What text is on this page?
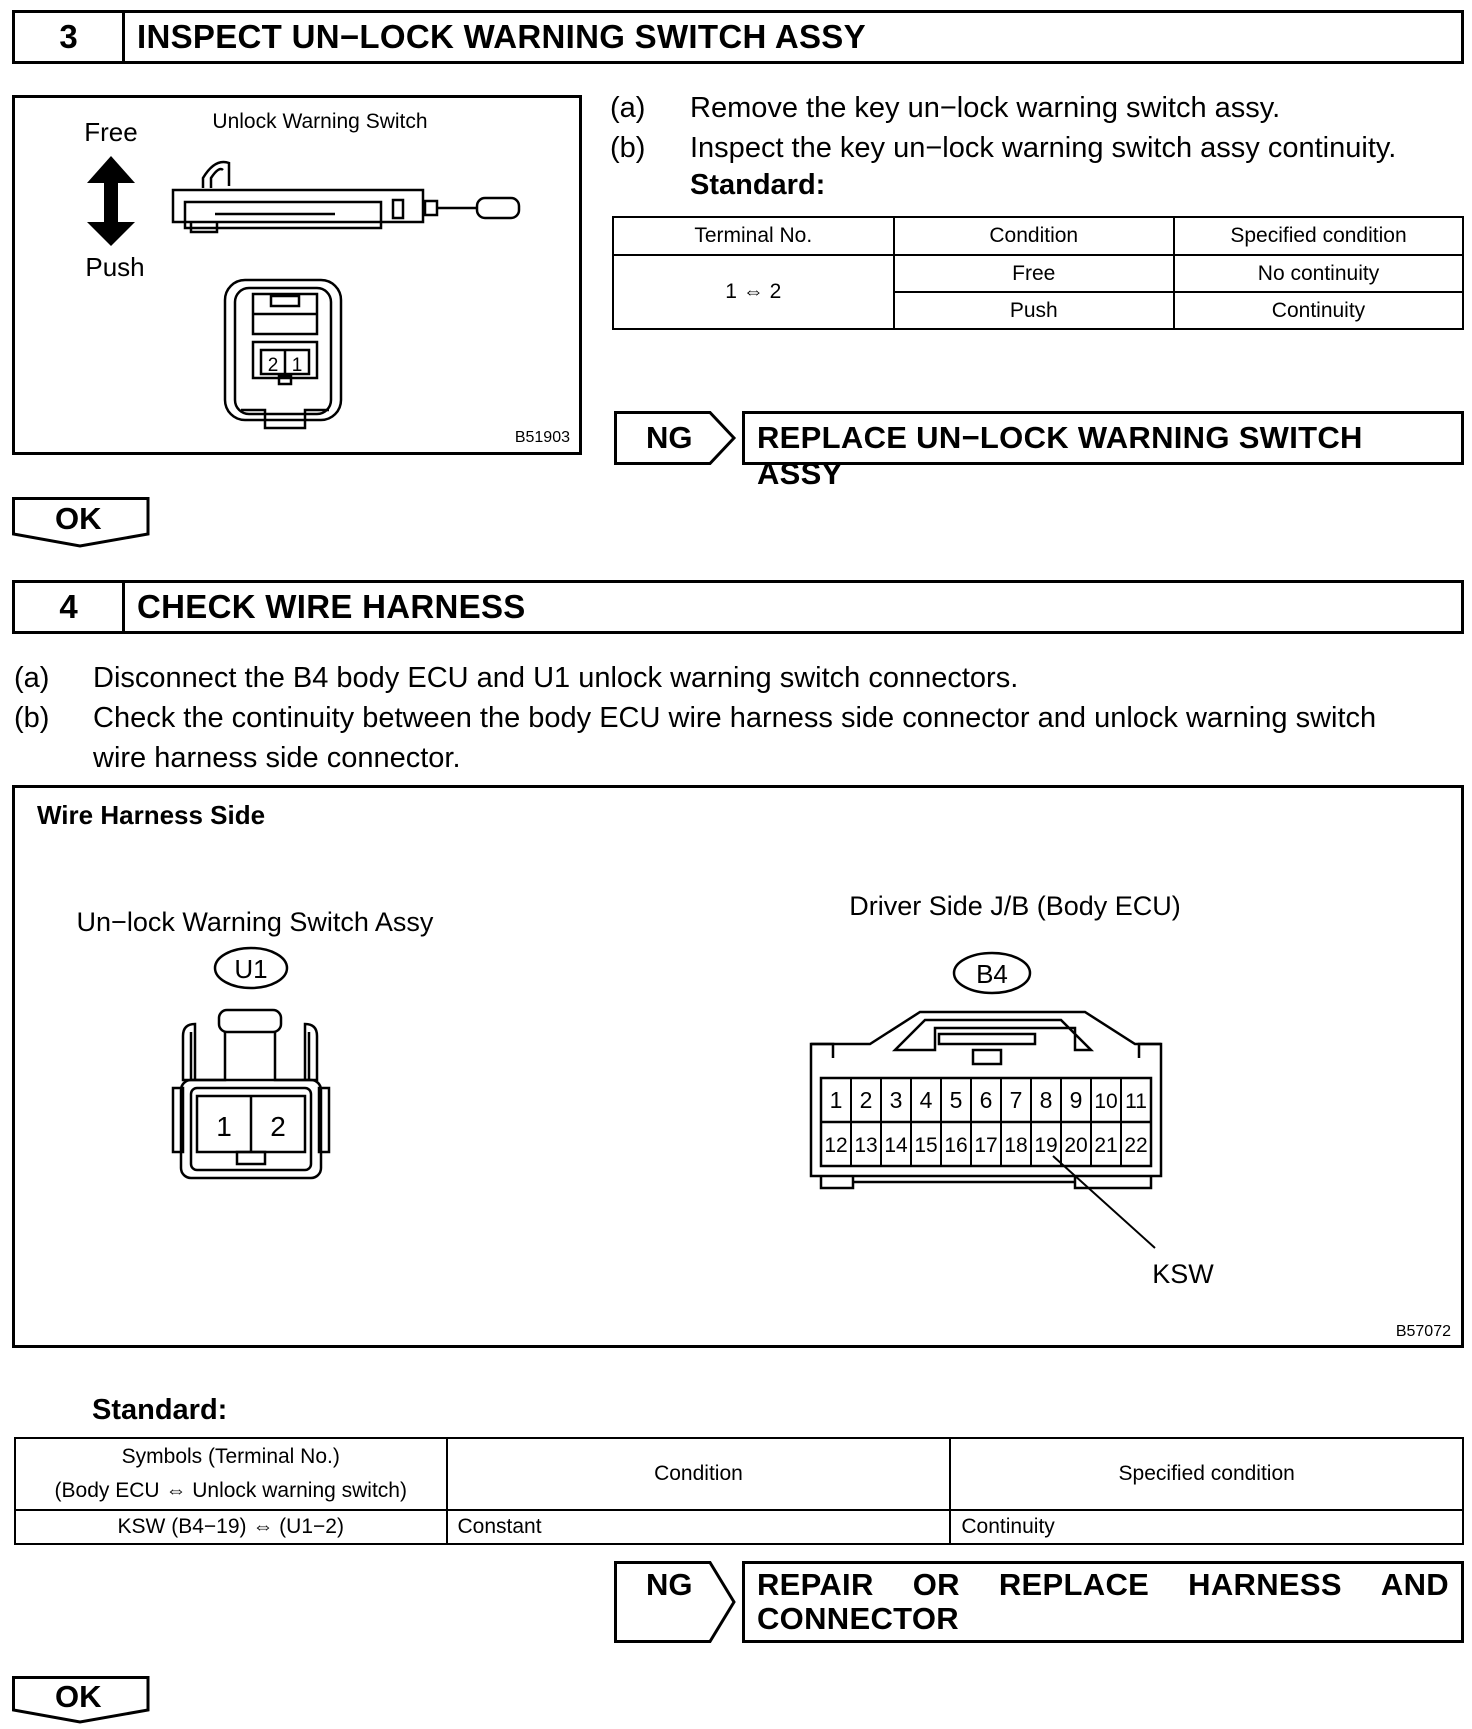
3	INSPECT UN−LOCK WARNING SWITCH ASSY
Unlock Warning Switch
Free
Push
2 1
B51903
(a) Remove the key un−lock warning switch assy.
(b) Inspect the key un−lock warning switch assy continuity.
Standard:
Terminal No.	Condition	Specified condition
1 ⇔ 2	Free	No continuity
	Push	Continuity
NG	REPLACE UN−LOCK WARNING SWITCH ASSY
OK
4	CHECK WIRE HARNESS
(a) Disconnect the B4 body ECU and U1 unlock warning switch connectors.
(b) Check the continuity between the body ECU wire harness side connector and unlock warning switch
wire harness side connector.
Wire Harness Side
Un−lock Warning Switch Assy
U1
1 2
Driver Side J/B (Body ECU)
B4
1 2 3 4 5 6 7 8 9 10 11
12 13 14 15 16 17 18 19 20 21 22
KSW
B57072
Standard:
Symbols (Terminal No.)
(Body ECU ⇔ Unlock warning switch)	Condition	Specified condition
KSW (B4−19) ⇔ (U1−2)	Constant	Continuity
NG REPAIR OR REPLACE HARNESS AND
CONNECTOR
OK
